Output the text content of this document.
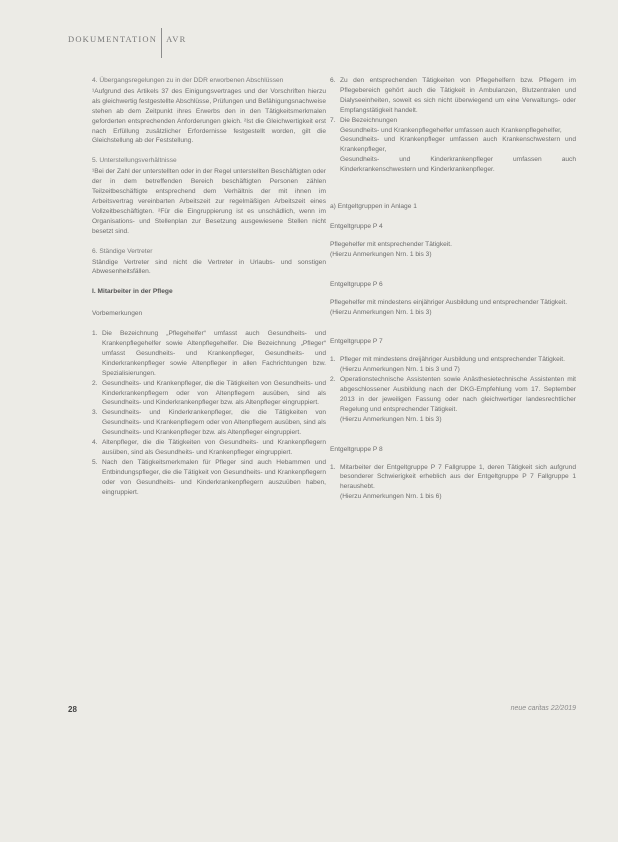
DOKUMENTATION AVR
4. Übergangsregelungen zu in der DDR erworbenen Abschlüssen
¹Aufgrund des Artikels 37 des Einigungsvertrages und der Vorschriften hierzu als gleichwertig festgestellte Abschlüsse, Prüfungen und Befähigungsnachweise stehen ab dem Zeitpunkt ihres Erwerbs den in den Tätigkeitsmerkmalen geforderten entsprechenden Anforderungen gleich. ²Ist die Gleichwertigkeit erst nach Erfüllung zusätzlicher Erfordernisse festgestellt worden, gilt die Gleichstellung ab der Feststellung.
5. Unterstellungsverhältnisse
¹Bei der Zahl der unterstellten oder in der Regel unterstellten Beschäftigten oder der in dem betreffenden Bereich beschäftigten Personen zählen Teilzeitbeschäftigte entsprechend dem Verhältnis der mit ihnen im Arbeitsvertrag vereinbarten Arbeitszeit zur regelmäßigen Arbeitszeit eines Vollzeitbeschäftigten. ²Für die Eingruppierung ist es unschädlich, wenn im Organisations- und Stellenplan zur Besetzung ausgewiesene Stellen nicht besetzt sind.
6. Ständige Vertreter
Ständige Vertreter sind nicht die Vertreter in Urlaubs- und sonstigen Abwesenheitsfällen.
I. Mitarbeiter in der Pflege
Vorbemerkungen
1. Die Bezeichnung „Pflegehelfer“ umfasst auch Gesundheits- und Krankenpflegehelfer sowie Altenpflegehelfer. Die Bezeichnung „Pfleger“ umfasst Gesundheits- und Krankenpfleger, Gesundheits- und Kinderkrankenpfleger sowie Altenpfleger in allen Fachrichtungen bzw. Spezialisierungen.
2. Gesundheits- und Krankenpfleger, die die Tätigkeiten von Gesundheits- und Kinderkrankenpflegern oder von Altenpflegern ausüben, sind als Gesundheits- und Kinderkrankenpfleger bzw. als Altenpfleger eingruppiert.
3. Gesundheits- und Kinderkrankenpfleger, die die Tätigkeiten von Gesundheits- und Krankenpflegern oder von Altenpflegern ausüben, sind als Gesundheits- und Krankenpfleger bzw. als Altenpfleger eingruppiert.
4. Altenpfleger, die die Tätigkeiten von Gesundheits- und Krankenpflegern ausüben, sind als Gesundheits- und Krankenpfleger eingruppiert.
5. Nach den Tätigkeitsmerkmalen für Pfleger sind auch Hebammen und Entbindungspfleger, die die Tätigkeit von Gesundheits- und Krankenpflegern oder von Gesundheits- und Kinderkrankenpflegern auszuüben haben, eingruppiert.
6. Zu den entsprechenden Tätigkeiten von Pflegehelfern bzw. Pflegern im Pflegebereich gehört auch die Tätigkeit in Ambulanzen, Blutzentralen und Dialyseeinheiten, soweit es sich nicht überwiegend um eine Verwaltungs- oder Empfangstätigkeit handelt.
7. Die Bezeichnungen
Gesundheits- und Krankenpflegehelfer umfassen auch Krankenpflegehelfer,
Gesundheits- und Krankenpfleger umfassen auch Krankenschwestern und Krankenpfleger,
Gesundheits- und Kinderkrankenpfleger umfassen auch Kinderkrankenschwestern und Kinderkrankenpfleger.
a) Entgeltgruppen in Anlage 1
Entgeltgruppe P 4
Pflegehelfer mit entsprechender Tätigkeit.
(Hierzu Anmerkungen Nrn. 1 bis 3)
Entgeltgruppe P 6
Pflegehelfer mit mindestens einjähriger Ausbildung und entsprechender Tätigkeit.
(Hierzu Anmerkungen Nrn. 1 bis 3)
Entgeltgruppe P 7
1. Pfleger mit mindestens dreijähriger Ausbildung und entsprechender Tätigkeit.
(Hierzu Anmerkungen Nrn. 1 bis 3 und 7)
2. Operationstechnische Assistenten sowie Anästhesietechnische Assistenten mit abgeschlossener Ausbildung nach der DKG-Empfehlung vom 17. September 2013 in der jeweiligen Fassung oder nach gleichwertiger landesrechtlicher Regelung und entsprechender Tätigkeit.
(Hierzu Anmerkungen Nrn. 1 bis 3)
Entgeltgruppe P 8
1. Mitarbeiter der Entgeltgruppe P 7 Fallgruppe 1, deren Tätigkeit sich aufgrund besonderer Schwierigkeit erheblich aus der Entgeltgruppe P 7 Fallgruppe 1 heraushebt.
(Hierzu Anmerkungen Nrn. 1 bis 6)
28	neue caritas 22/2019
